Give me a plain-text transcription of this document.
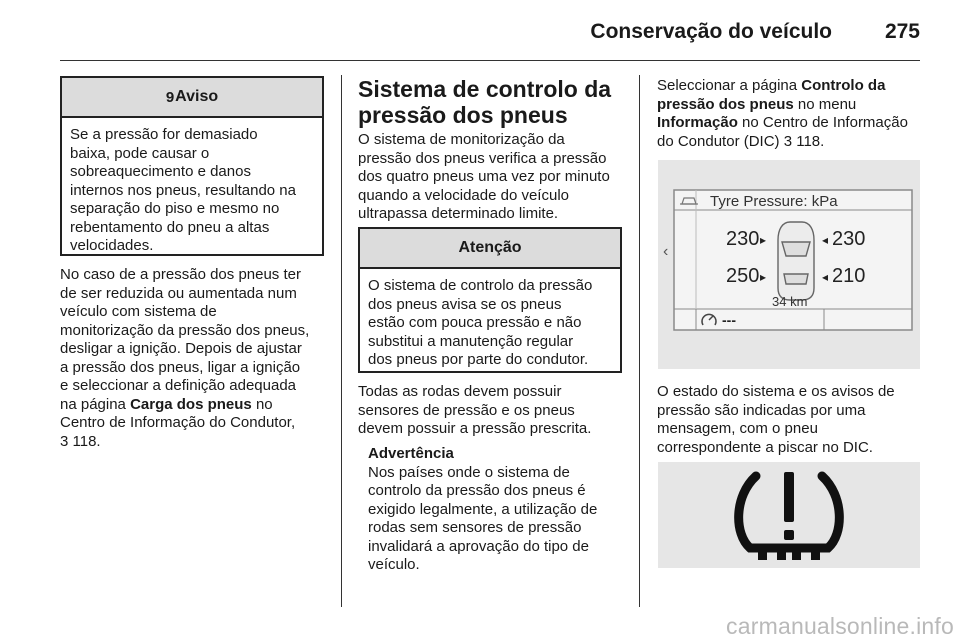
Conservação do veículo	275
9 Aviso
Se a pressão for demasiado
baixa, pode causar o
sobreaquecimento e danos
internos nos pneus, resultando na
separação do piso e mesmo no
rebentamento do pneu a altas
velocidades.
No caso de a pressão dos pneus ter
de ser reduzida ou aumentada num
veículo com sistema de
monitorização da pressão dos pneus,
desligar a ignição. Depois de ajustar
a pressão dos pneus, ligar a ignição
e seleccionar a definição adequada
na página Carga dos pneus no
Centro de Informação do Condutor,
3 118.
Sistema de controlo da
pressão dos pneus
O sistema de monitorização da
pressão dos pneus verifica a pressão
dos quatro pneus uma vez por minuto
quando a velocidade do veículo
ultrapassa determinado limite.
Atenção
O sistema de controlo da pressão
dos pneus avisa se os pneus
estão com pouca pressão e não
substitui a manutenção regular
dos pneus por parte do condutor.
Todas as rodas devem possuir
sensores de pressão e os pneus
devem possuir a pressão prescrita.
Advertência
Nos países onde o sistema de
controlo da pressão dos pneus é
exigido legalmente, a utilização de
rodas sem sensores de pressão
invalidará a aprovação do tipo de
veículo.
Seleccionar a página Controlo da
pressão dos pneus no menu
Informação no Centro de Informação
do Condutor (DIC) 3 118.
Tyre Pressure: kPa
‹
230 ▸	◂ 230
250 ▸	◂ 210
34 km
---
O estado do sistema e os avisos de
pressão são indicadas por uma
mensagem, com o pneu
correspondente a piscar no DIC.
carmanualsonline.info
